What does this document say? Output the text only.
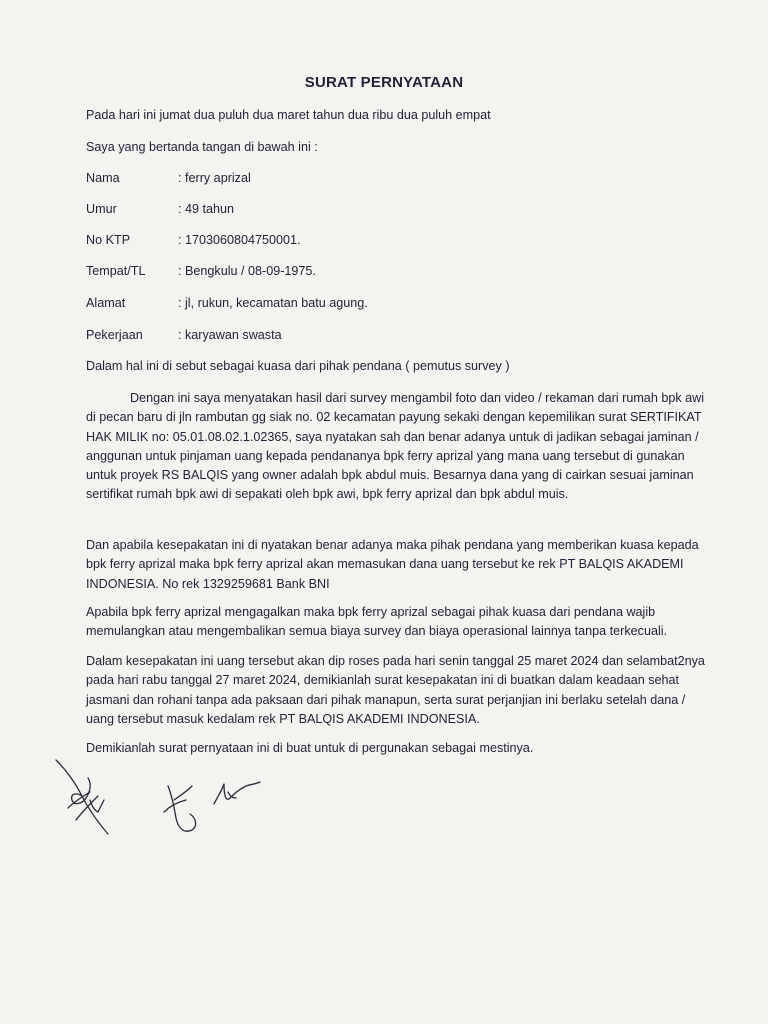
SURAT PERNYATAAN
Pada hari ini jumat dua puluh dua maret tahun dua ribu dua puluh empat
Saya yang bertanda tangan di bawah ini :
Nama	: ferry aprizal
Umur	: 49 tahun
No KTP	: 1703060804750001.
Tempat/TL	: Bengkulu / 08-09-1975.
Alamat	: jl, rukun, kecamatan batu agung.
Pekerjaan	: karyawan swasta
Dalam hal ini di sebut sebagai kuasa dari pihak pendana ( pemutus survey )
Dengan ini saya menyatakan hasil dari survey mengambil foto dan video / rekaman dari rumah bpk awi di pecan baru di jln rambutan gg siak no. 02 kecamatan payung sekaki dengan kepemilikan surat SERTIFIKAT HAK MILIK no: 05.01.08.02.1.02365, saya nyatakan sah dan benar adanya untuk di jadikan sebagai jaminan / anggunan untuk pinjaman uang kepada pendananya bpk ferry aprizal yang mana uang tersebut di gunakan untuk proyek RS BALQIS yang owner adalah bpk abdul muis. Besarnya dana yang di cairkan sesuai jaminan sertifikat rumah bpk awi di sepakati oleh bpk awi, bpk ferry aprizal dan bpk abdul muis.
Dan apabila kesepakatan ini di nyatakan benar adanya maka pihak pendana yang memberikan kuasa kepada bpk ferry aprizal maka bpk ferry aprizal akan memasukan dana uang tersebut ke rek PT BALQIS AKADEMI INDONESIA. No rek 1329259681 Bank BNI
Apabila bpk ferry aprizal mengagalkan maka bpk ferry aprizal sebagai pihak kuasa dari pendana wajib memulangkan atau mengembalikan semua biaya survey dan biaya operasional lainnya tanpa terkecuali.
Dalam kesepakatan ini uang tersebut akan dip roses pada hari senin tanggal 25 maret 2024 dan selambat2nya pada hari rabu tanggal 27 maret 2024, demikianlah surat kesepakatan ini di buatkan dalam keadaan sehat jasmani dan rohani tanpa ada paksaan dari pihak manapun, serta surat perjanjian ini berlaku setelah dana / uang tersebut masuk kedalam rek PT BALQIS AKADEMI INDONESIA.
Demikianlah surat pernyataan ini di buat untuk di pergunakan sebagai mestinya.
